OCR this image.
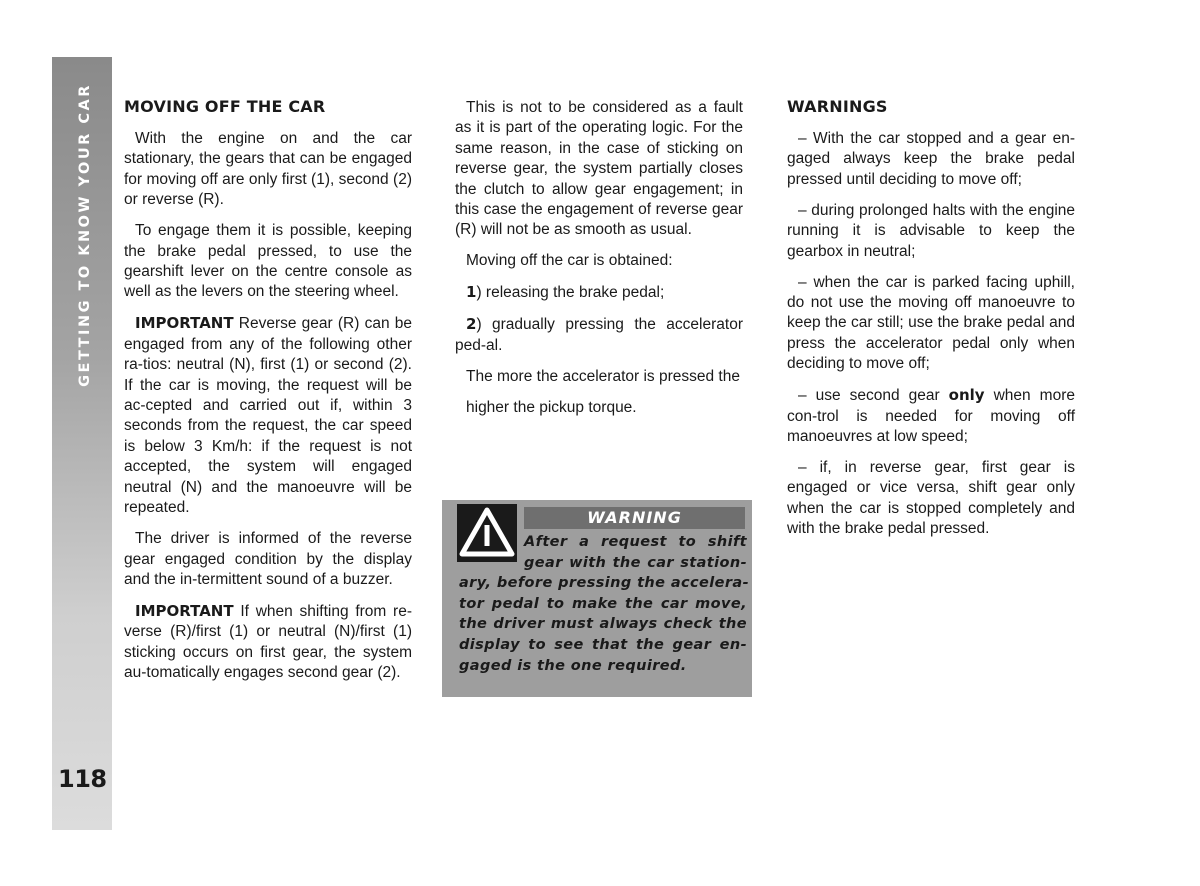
GETTING TO KNOW YOUR CAR
118
MOVING OFF THE CAR

With the engine on and the car stationary, the gears that can be engaged for moving off are only first (1), second (2) or reverse (R).

To engage them it is possible, keeping the brake pedal pressed, to use the gearshift lever on the centre console as well as the levers on the steering wheel.

IMPORTANT Reverse gear (R) can be engaged from any of the following other ra-tios: neutral (N), first (1) or second (2). If the car is moving, the request will be ac-cepted and carried out if, within 3 seconds from the request, the car speed is below 3 Km/h: if the request is not accepted, the system will engaged neutral (N) and the manoeuvre will be repeated.

The driver is informed of the reverse gear engaged condition by the display and the in-termittent sound of a buzzer.

IMPORTANT If when shifting from re-verse (R)/first (1) or neutral (N)/first (1) sticking occurs on first gear, the system au-tomatically engages second gear (2).

This is not to be considered as a fault as it is part of the operating logic. For the same reason, in the case of sticking on reverse gear, the system partially closes the clutch to allow gear engagement; in this case the engagement of reverse gear (R) will not be as smooth as usual.

Moving off the car is obtained:

1) releasing the brake pedal;

2) gradually pressing the accelerator ped-al.

The more the accelerator is pressed the

higher the pickup torque.

WARNING
After a request to shift
gear with the car station-
ary, before pressing the accelera-
tor pedal to make the car move,
the driver must always check the
display to see that the gear en-
gaged is the one required.
WARNINGS

– With the car stopped and a gear en-gaged always keep the brake pedal pressed until deciding to move off;

– during prolonged halts with the engine running it is advisable to keep the gearbox in neutral;

– when the car is parked facing uphill, do not use the moving off manoeuvre to keep the car still; use the brake pedal and press the accelerator pedal only when deciding to move off;

– use second gear only when more con-trol is needed for moving off manoeuvres at low speed;

– if, in reverse gear, first gear is engaged or vice versa, shift gear only when the car is stopped completely and with the brake pedal pressed.
